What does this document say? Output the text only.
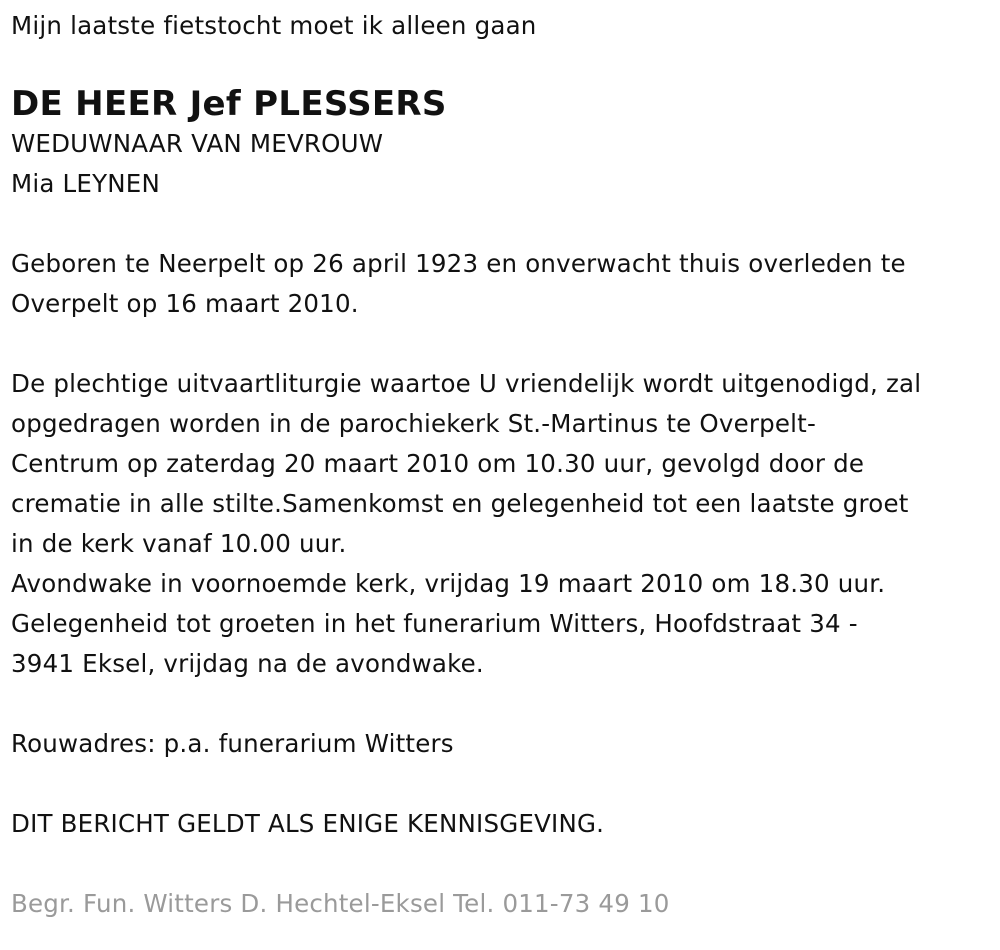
Mijn laatste fietstocht moet ik alleen gaan

DE HEER Jef PLESSERS

WEDUWNAAR VAN MEVROUW

Mia LEYNEN

Geboren te Neerpelt op 26 april 1923 en onverwacht thuis overleden te

Overpelt op 16 maart 2010.

De plechtige uitvaartliturgie waartoe U vriendelijk wordt uitgenodigd, zal

opgedragen worden in de parochiekerk St.-Martinus te Overpelt-

Centrum op zaterdag 20 maart 2010 om 10.30 uur, gevolgd door de

crematie in alle stilte.Samenkomst en gelegenheid tot een laatste groet

in de kerk vanaf 10.00 uur.

Avondwake in voornoemde kerk, vrijdag 19 maart 2010 om 18.30 uur.

Gelegenheid tot groeten in het funerarium Witters, Hoofdstraat 34 -

3941 Eksel, vrijdag na de avondwake.

Rouwadres: p.a. funerarium Witters

DIT BERICHT GELDT ALS ENIGE KENNISGEVING.

Begr. Fun. Witters D. Hechtel-Eksel Tel. 011-73 49 10
